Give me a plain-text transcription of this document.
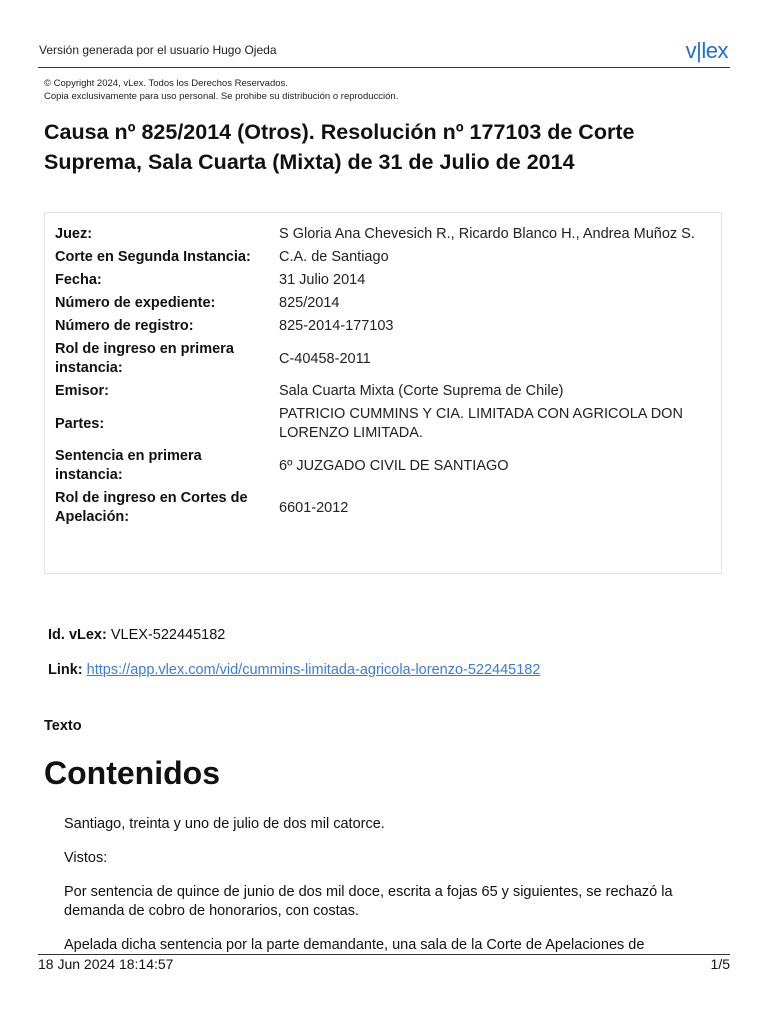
Versión generada por el usuario Hugo Ojeda	v|lex
© Copyright 2024, vLex. Todos los Derechos Reservados.
Copia exclusivamente para uso personal. Se prohibe su distribución o reproducción.
Causa nº 825/2014 (Otros). Resolución nº 177103 de Corte Suprema, Sala Cuarta (Mixta) de 31 de Julio de 2014
Juez:	S Gloria Ana Chevesich R., Ricardo Blanco H., Andrea Muñoz S.
Corte en Segunda Instancia:	C.A. de Santiago
Fecha:	31 Julio 2014
Número de expediente:	825/2014
Número de registro:	825-2014-177103
Rol de ingreso en primera instancia:	C-40458-2011
Emisor:	Sala Cuarta Mixta (Corte Suprema de Chile)
Partes:	PATRICIO CUMMINS Y CIA. LIMITADA CON AGRICOLA DON LORENZO LIMITADA.
Sentencia en primera instancia:	6º JUZGADO CIVIL DE SANTIAGO
Rol de ingreso en Cortes de Apelación:	6601-2012
Id. vLex: VLEX-522445182
Link: https://app.vlex.com/vid/cummins-limitada-agricola-lorenzo-522445182
Texto
Contenidos

Santiago, treinta y uno de julio de dos mil catorce.

Vistos:

Por sentencia de quince de junio de dos mil doce, escrita a fojas 65 y siguientes, se rechazó la demanda de cobro de honorarios, con costas.

Apelada dicha sentencia por la parte demandante, una sala de la Corte de Apelaciones de

18 Jun 2024 18:14:57	1/5
